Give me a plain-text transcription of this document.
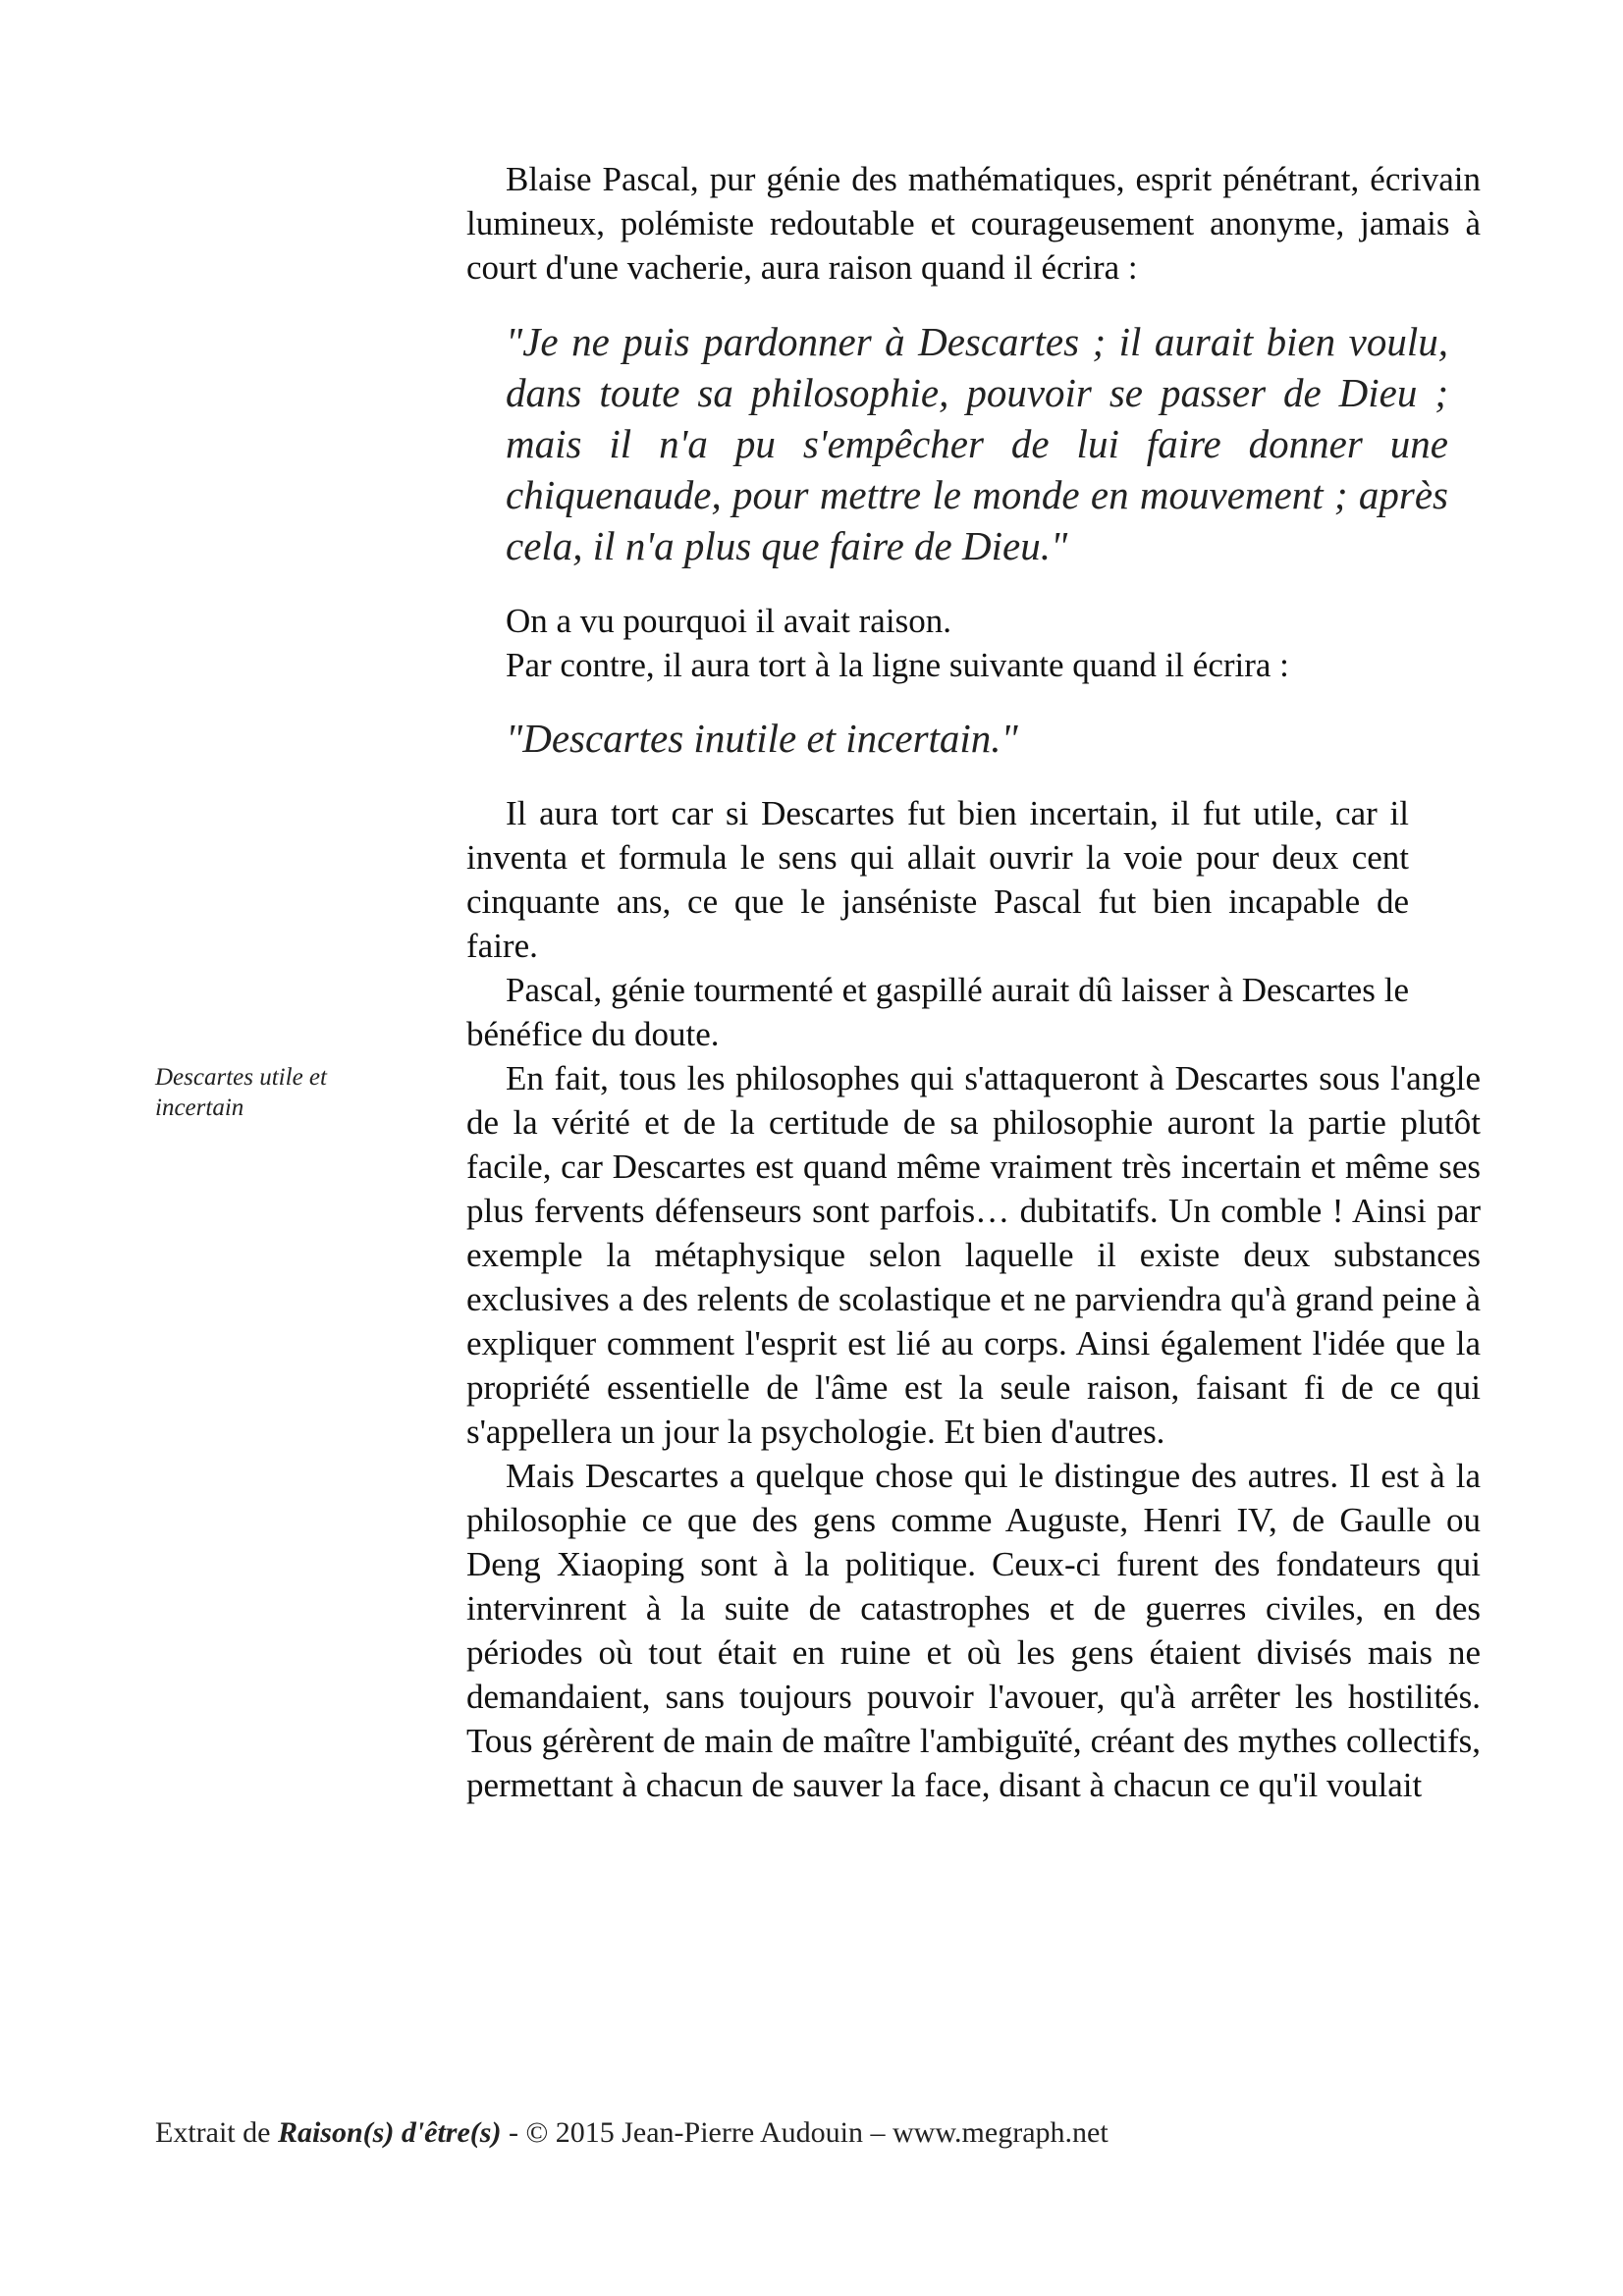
Blaise Pascal, pur génie des mathématiques, esprit pénétrant, écrivain lumineux, polémiste redoutable et courageusement anonyme, jamais à court d'une vacherie, aura raison quand il écrira :

"Je ne puis pardonner à Descartes ; il aurait bien voulu, dans toute sa philosophie, pouvoir se passer de Dieu ; mais il n'a pu s'empêcher de lui faire donner une chiquenaude, pour mettre le monde en mouvement ; après cela, il n'a plus que faire de Dieu."

On a vu pourquoi il avait raison.

Par contre, il aura tort à la ligne suivante quand il écrira :

"Descartes inutile et incertain."

Il aura tort car si Descartes fut bien incertain, il fut utile, car il inventa et formula le sens qui allait ouvrir la voie pour deux cent cinquante ans, ce que le janséniste Pascal fut bien incapable de faire.

Pascal, génie tourmenté et gaspillé aurait dû laisser à Descartes le bénéfice du doute.

En fait, tous les philosophes qui s'attaqueront à Descartes sous l'angle de la vérité et de la certitude de sa philosophie auront la partie plutôt facile, car Descartes est quand même vraiment très incertain et même ses plus fervents défenseurs sont parfois… dubitatifs. Un comble ! Ainsi par exemple la métaphysique selon laquelle il existe deux substances exclusives a des relents de scolastique et ne parviendra qu'à grand peine à expliquer comment l'esprit est lié au corps. Ainsi également l'idée que la propriété essentielle de l'âme est la seule raison, faisant fi de ce qui s'appellera un jour la psychologie. Et bien d'autres.

Mais Descartes a quelque chose qui le distingue des autres. Il est à la philosophie ce que des gens comme Auguste, Henri IV, de Gaulle ou Deng Xiaoping sont à la politique. Ceux-ci furent des fondateurs qui intervinrent à la suite de catastrophes et de guerres civiles, en des périodes où tout était en ruine et où les gens étaient divisés mais ne demandaient, sans toujours pouvoir l'avouer, qu'à arrêter les hostilités. Tous gérèrent de main de maître l'ambiguïté, créant des mythes collectifs, permettant à chacun de sauver la face, disant à chacun ce qu'il voulait

Descartes utile et incertain
Extrait de Raison(s) d'être(s) - © 2015 Jean-Pierre Audouin – www.megraph.net
